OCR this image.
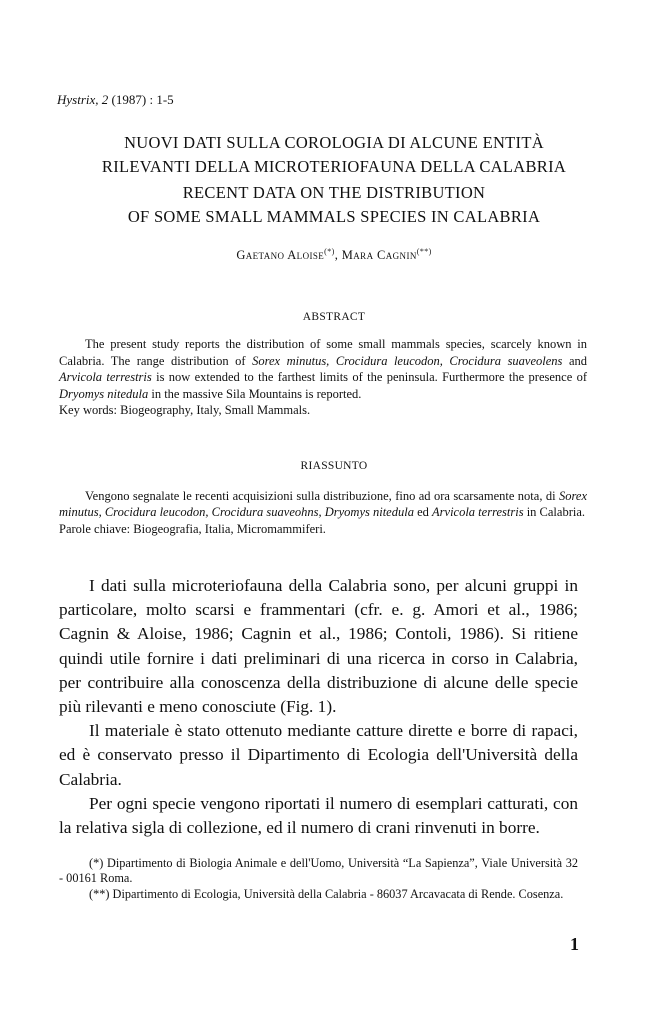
Hystrix, 2 (1987) : 1-5
NUOVI DATI SULLA COROLOGIA DI ALCUNE ENTITÀ
RILEVANTI DELLA MICROTERIOFAUNA DELLA CALABRIA
RECENT DATA ON THE DISTRIBUTION
OF SOME SMALL MAMMALS SPECIES IN CALABRIA
Gaetano Aloise(*), Mara Cagnin(**)
ABSTRACT

The present study reports the distribution of some small mammals species, scarcely known in Calabria. The range distribution of Sorex minutus, Crocidura leucodon, Crocidura suaveolens and Arvicola terrestris is now extended to the farthest limits of the peninsula. Furthermore the presence of Dryomys nitedula in the massive Sila Mountains is reported.

Key words: Biogeography, Italy, Small Mammals.

RIASSUNTO

Vengono segnalate le recenti acquisizioni sulla distribuzione, fino ad ora scarsamente nota, di Sorex minutus, Crocidura leucodon, Crocidura suaveohns, Dryomys nitedula ed Arvicola terrestris in Calabria.

Parole chiave: Biogeografia, Italia, Micromammiferi.

I dati sulla microteriofauna della Calabria sono, per alcuni gruppi in particolare, molto scarsi e frammentari (cfr. e. g. Amori et al., 1986; Cagnin & Aloise, 1986; Cagnin et al., 1986; Contoli, 1986). Si ritiene quindi utile fornire i dati preliminari di una ricerca in corso in Calabria, per contribuire alla conoscenza della distribuzione di alcune delle specie più rilevanti e meno conosciute (Fig. 1).

Il materiale è stato ottenuto mediante catture dirette e borre di rapaci, ed è conservato presso il Dipartimento di Ecologia dell'Università della Calabria.

Per ogni specie vengono riportati il numero di esemplari catturati, con la relativa sigla di collezione, ed il numero di crani rinvenuti in borre.

(*) Dipartimento di Biologia Animale e dell'Uomo, Università “La Sapienza”, Viale Università 32 - 00161 Roma.

(**) Dipartimento di Ecologia, Università della Calabria - 86037 Arcavacata di Rende. Cosenza.

1
